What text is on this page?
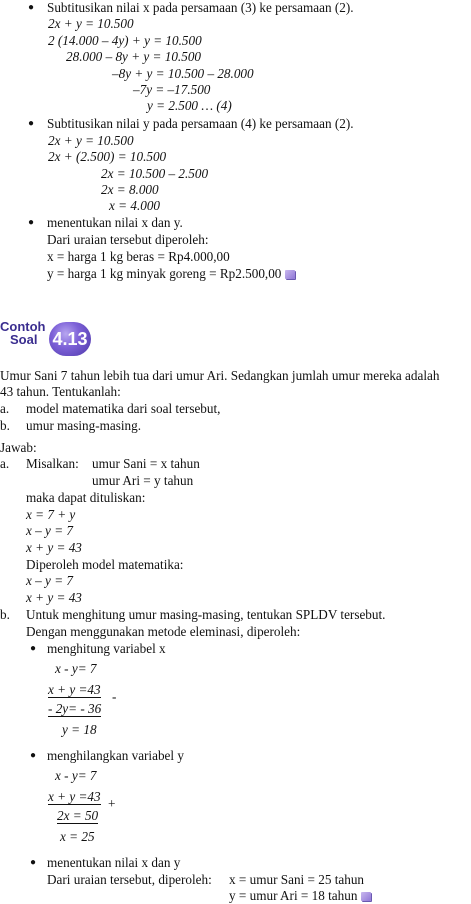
● Subtitusikan nilai x pada persamaan (3) ke persamaan (2).
2x + y = 10.500
2 (14.000 – 4y) + y = 10.500
28.000 – 8y + y = 10.500
–8y + y = 10.500 – 28.000
–7y = –17.500
y = 2.500 … (4)
● Subtitusikan nilai y pada persamaan (4) ke persamaan (2).
2x + y = 10.500
2x + (2.500) = 10.500
2x = 10.500 – 2.500
2x = 8.000
x = 4.000
● menentukan nilai x dan y.
Dari uraian tersebut diperoleh:
x = harga 1 kg beras = Rp4.000,00
y = harga 1 kg minyak goreng = Rp2.500,00
Contoh
Soal 4.13
Umur Sani 7 tahun lebih tua dari umur Ari. Sedangkan jumlah umur mereka adalah
43 tahun. Tentukanlah:
a. model matematika dari soal tersebut,
b. umur masing-masing.
Jawab:
a. Misalkan: umur Sani = x tahun
umur Ari = y tahun
maka dapat dituliskan:
x = 7 + y
x – y = 7
x + y = 43
Diperoleh model matematika:
x – y = 7
x + y = 43
b. Untuk menghitung umur masing-masing, tentukan SPLDV tersebut.
Dengan menggunakan metode eleminasi, diperoleh:
● menghitung variabel x
x - y= 7
x + y =43 -
- 2y= - 36
y = 18
● menghilangkan variabel y
x - y= 7
x + y =43 +
2x = 50
x = 25
● menentukan nilai x dan y
Dari uraian tersebut, diperoleh: x = umur Sani = 25 tahun
y = umur Ari = 18 tahun
